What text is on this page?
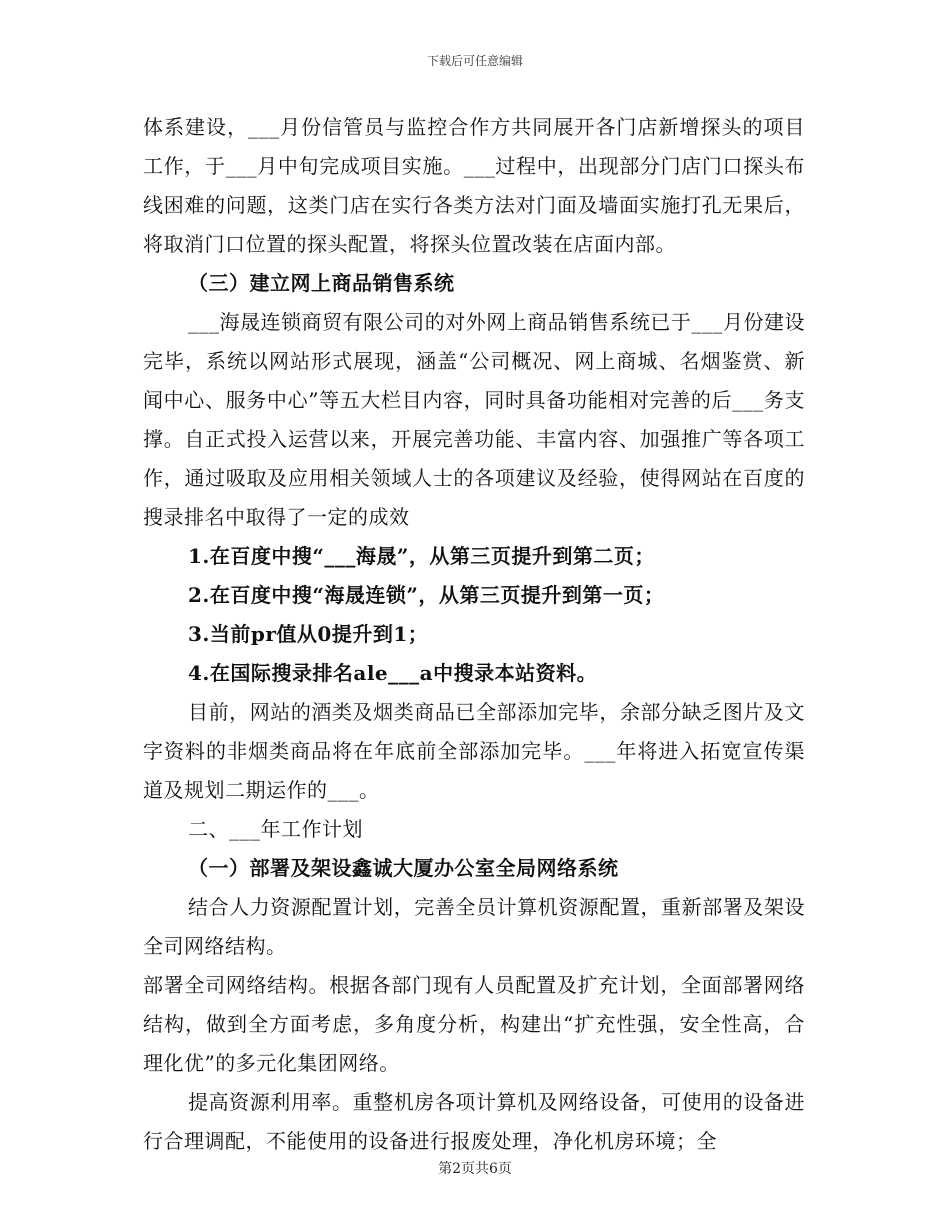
下载后可任意编辑

体系建设，___月份信管员与监控合作方共同展开各门店新增探头的项目工作，于___月中旬完成项目实施。___过程中，出现部分门店门口探头布线困难的问题，这类门店在实行各类方法对门面及墙面实施打孔无果后，将取消门口位置的探头配置，将探头位置改装在店面内部。

（三）建立网上商品销售系统

___海晟连锁商贸有限公司的对外网上商品销售系统已于___月份建设完毕，系统以网站形式展现，涵盖“公司概况、网上商城、名烟鉴赏、新闻中心、服务中心”等五大栏目内容，同时具备功能相对完善的后___务支撑。自正式投入运营以来，开展完善功能、丰富内容、加强推广等各项工作，通过吸取及应用相关领域人士的各项建议及经验，使得网站在百度的搜录排名中取得了一定的成效

1.在百度中搜“___海晟”，从第三页提升到第二页；

2.在百度中搜“海晟连锁”，从第三页提升到第一页；

3.当前pr值从0提升到1；

4.在国际搜录排名ale___a中搜录本站资料。

目前，网站的酒类及烟类商品已全部添加完毕，余部分缺乏图片及文字资料的非烟类商品将在年底前全部添加完毕。___年将进入拓宽宣传渠道及规划二期运作的___。

二、___年工作计划

（一）部署及架设鑫诚大厦办公室全局网络系统

结合人力资源配置计划，完善全员计算机资源配置，重新部署及架设全司网络结构。

部署全司网络结构。根据各部门现有人员配置及扩充计划，全面部署网络结构，做到全方面考虑，多角度分析，构建出“扩充性强，安全性高，合理化优”的多元化集团网络。

提高资源利用率。重整机房各项计算机及网络设备，可使用的设备进行合理调配，不能使用的设备进行报废处理，净化机房环境；全

第2页共6页
